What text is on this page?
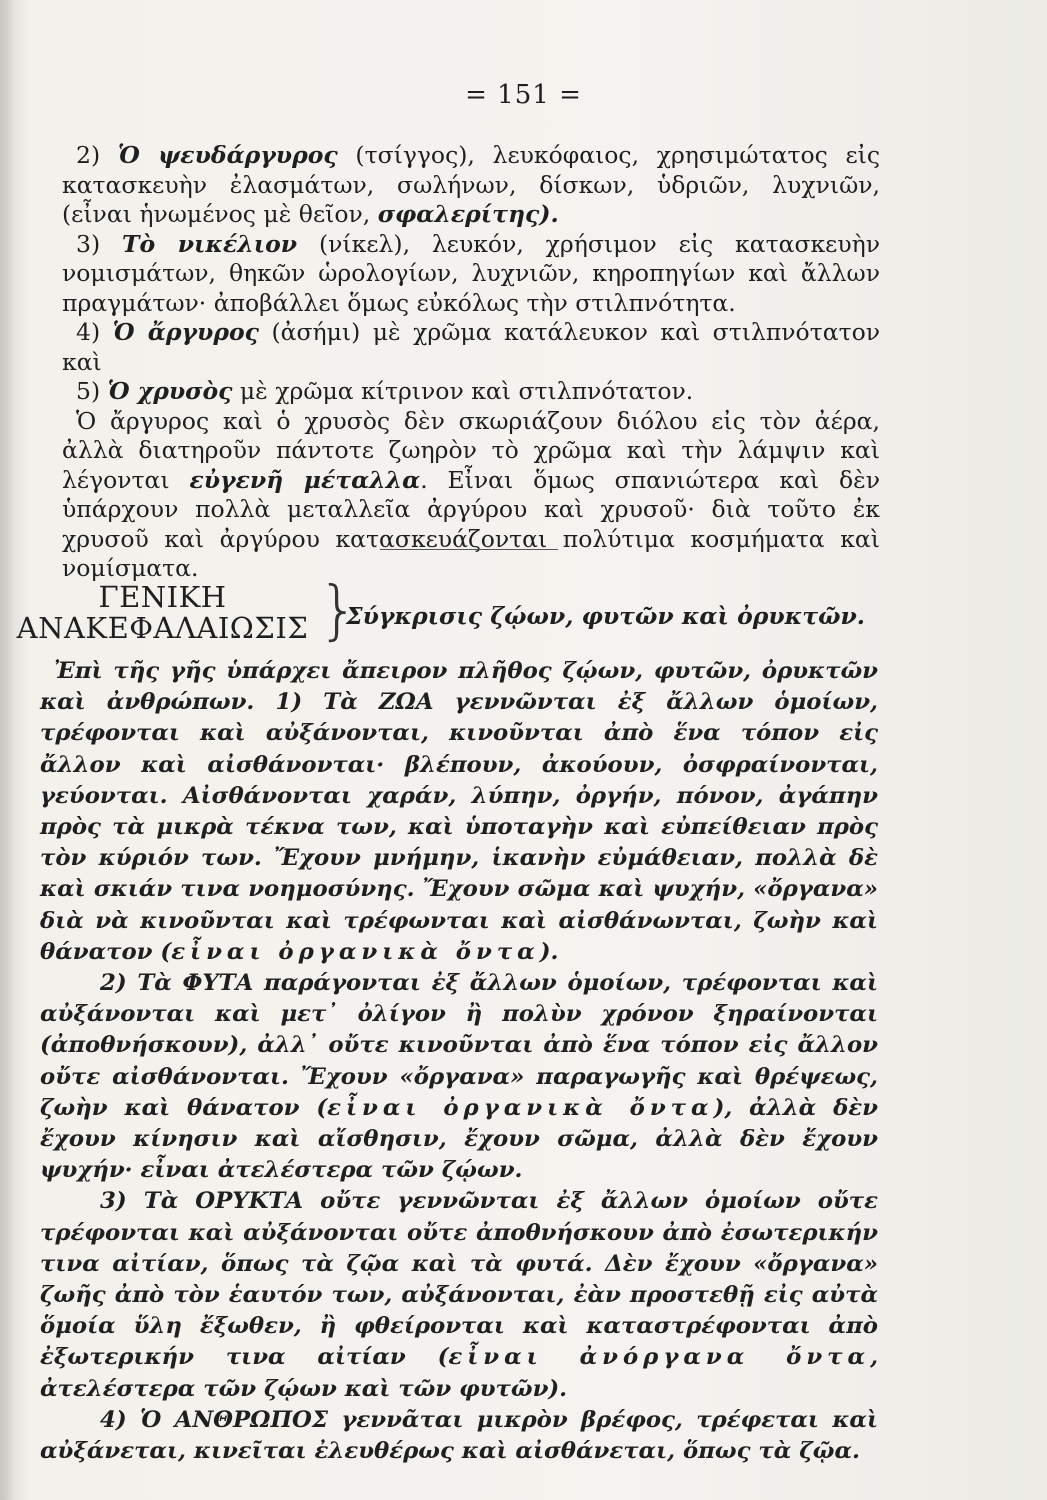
= 151 =

2) Ὁ ψευδάργυρος (τσίγγος), λευκόφαιος, χρησιμώτατος εἰς κατασκευὴν ἐλασμάτων, σωλήνων, δίσκων, ὑδριῶν, λυχνιῶν, (εἶναι ἡνωμένος μὲ θεῖον, σφαλερίτης).

3) Τὸ νικέλιον (νίκελ), λευκόν, χρήσιμον εἰς κατασκευὴν νομισμάτων, θηκῶν ὡρολογίων, λυχνιῶν, κηροπηγίων καὶ ἄλλων πραγμάτων· ἀποβάλλει ὅμως εὐκόλως τὴν στιλπνότητα.

4) Ὁ ἄργυρος (ἀσήμι) μὲ χρῶμα κατάλευκον καὶ στιλπνότατον καὶ

5) Ὁ χρυσὸς μὲ χρῶμα κίτρινον καὶ στιλπνότατον.

Ὁ ἄργυρος καὶ ὁ χρυσὸς δὲν σκωριάζουν διόλου εἰς τὸν ἀέρα, ἀλλὰ διατηροῦν πάντοτε ζωηρὸν τὸ χρῶμα καὶ τὴν λάμψιν καὶ λέγονται εὐγενῆ μέταλλα. Εἶναι ὅμως σπανιώτερα καὶ δὲν ὑπάρχουν πολλὰ μεταλλεῖα ἀργύρου καὶ χρυσοῦ· διὰ τοῦτο ἐκ χρυσοῦ καὶ ἀργύρου κατασκευάζονται πολύτιμα κοσμήματα καὶ νομίσματα.

ΓΕΝΙΚΗ
ΑΝΑΚΕΦΑΛΑΙΩΣΙΣ }
Σύγκρισις ζῴων, φυτῶν καὶ ὀρυκτῶν.

Ἐπὶ τῆς γῆς ὑπάρχει ἄπειρον πλῆθος ζῴων, φυτῶν, ὀρυκτῶν καὶ ἀνθρώπων. 1) Τὰ ΖΩΑ γεννῶνται ἐξ ἄλλων ὁμοίων, τρέφονται καὶ αὐξάνονται, κινοῦνται ἀπὸ ἕνα τόπον εἰς ἄλλον καὶ αἰσθάνονται· βλέπουν, ἀκούουν, ὀσφραίνονται, γεύονται. Αἰσθάνονται χαράν, λύπην, ὀργήν, πόνον, ἀγάπην πρὸς τὰ μικρὰ τέκνα των, καὶ ὑποταγὴν καὶ εὐπείθειαν πρὸς τὸν κύριόν των. Ἔχουν μνήμην, ἱκανὴν εὐμάθειαν, πολλὰ δὲ καὶ σκιάν τινα νοημοσύνης. Ἔχουν σῶμα καὶ ψυχήν, «ὄργανα» διὰ νὰ κινοῦνται καὶ τρέφωνται καὶ αἰσθάνωνται, ζωὴν καὶ θάνατον (εἶναι ὀργανικὰ ὄντα).

2) Τὰ ΦΥΤΑ παράγονται ἐξ ἄλλων ὁμοίων, τρέφονται καὶ αὐξάνονται καὶ μετ᾿ ὀλίγον ἢ πολὺν χρόνον ξηραίνονται (ἀποθνήσκουν), ἀλλ᾿ οὔτε κινοῦνται ἀπὸ ἕνα τόπον εἰς ἄλλον οὔτε αἰσθάνονται. Ἔχουν «ὄργανα» παραγωγῆς καὶ θρέψεως, ζωὴν καὶ θάνατον (εἶναι ὀργανικὰ ὄντα), ἀλλὰ δὲν ἔχουν κίνησιν καὶ αἴσθησιν, ἔχουν σῶμα, ἀλλὰ δὲν ἔχουν ψυχήν· εἶναι ἀτελέστερα τῶν ζῴων.

3) Τὰ ΟΡΥΚΤΑ οὔτε γεννῶνται ἐξ ἄλλων ὁμοίων οὔτε τρέφονται καὶ αὐξάνονται οὔτε ἀποθνήσκουν ἀπὸ ἐσωτερικήν τινα αἰτίαν, ὅπως τὰ ζῷα καὶ τὰ φυτά. Δὲν ἔχουν «ὄργανα» ζωῆς ἀπὸ τὸν ἑαυτόν των, αὐξάνονται, ἐὰν προστεθῇ εἰς αὐτὰ ὅμοία ὕλη ἔξωθεν, ἢ φθείρονται καὶ καταστρέφονται ἀπὸ ἐξωτερικήν τινα αἰτίαν (εἶναι ἀνόργανα ὄντα, ἀτελέστερα τῶν ζῴων καὶ τῶν φυτῶν).

4) Ὁ ΑΝΘΡΩΠΟΣ γεννᾶται μικρὸν βρέφος, τρέφεται καὶ αὐξάνεται, κινεῖται ἐλευθέρως καὶ αἰσθάνεται, ὅπως τὰ ζῷα.
